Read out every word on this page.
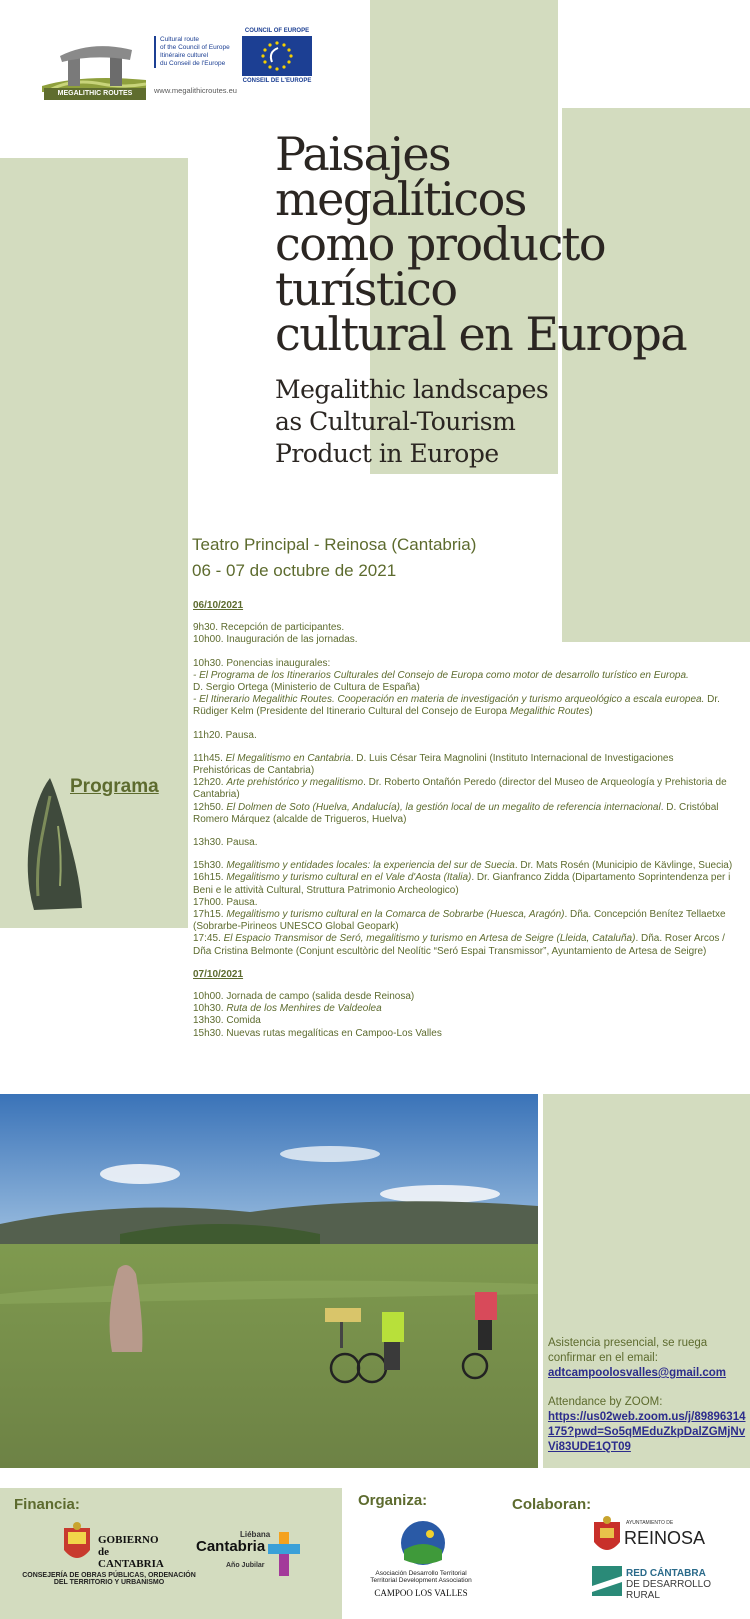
MEGALITHIC ROUTES
Cultural route
of the Council of Europe
Itinéraire culturel
du Conseil de l'Europe
www.megalithicroutes.eu
COUNCIL OF EUROPE
CONSEIL DE L'EUROPE
Paisajes
megalíticos
como producto
turístico
cultural en Europa
Megalithic landscapes
as Cultural-Tourism
Product in Europe
Teatro Principal - Reinosa (Cantabria)
06 - 07 de octubre de 2021
Programa
06/10/2021
9h30. Recepción de participantes.
10h00. Inauguración de las jornadas.
10h30. Ponencias inaugurales:
- El Programa de los Itinerarios Culturales del Consejo de Europa como motor de desarrollo turístico en Europa.
D. Sergio Ortega (Ministerio de Cultura de España)
- El Itinerario Megalithic Routes. Cooperación en materia de investigación y turismo arqueológico a escala europea. Dr. Rüdiger Kelm (Presidente del Itinerario Cultural del Consejo de Europa Megalithic Routes)
11h20. Pausa.
11h45. El Megalitismo en Cantabria. D. Luis César Teira Magnolini (Instituto Internacional de Investigaciones Prehistóricas de Cantabria)
12h20. Arte prehistórico y megalitismo. Dr. Roberto Ontañón Peredo (director del Museo de Arqueología y Prehistoria de Cantabria)
12h50. El Dolmen de Soto (Huelva, Andalucía), la gestión local de un megalito de referencia internacional. D. Cristóbal Romero Márquez (alcalde de Trigueros, Huelva)
13h30. Pausa.
15h30. Megalitismo y entidades locales: la experiencia del sur de Suecia. Dr. Mats Rosén (Municipio de Kävlinge, Suecia)
16h15. Megalitismo y turismo cultural en el Vale d'Aosta (Italia). Dr. Gianfranco Zidda (Dipartamento Soprintendenza per i Beni e le attività Cultural, Struttura Patrimonio Archeologico)
17h00. Pausa.
17h15. Megalitismo y turismo cultural en la Comarca de Sobrarbe (Huesca, Aragón). Dña. Concepción Benítez Tellaetxe (Sobrarbe-Pirineos UNESCO Global Geopark)
17:45. El Espacio Transmisor de Seró, megalitismo y turismo en Artesa de Seigre (Lleida, Cataluña). Dña. Roser Arcos / Dña Cristina Belmonte (Conjunt escultòric del Neolític “Seró Espai Transmissor”, Ayuntamiento de Artesa de Seigre)
07/10/2021
10h00. Jornada de campo (salida desde Reinosa)
10h30. Ruta de los Menhires de Valdeolea
13h30. Comida
15h30. Nuevas rutas megalíticas en Campoo-Los Valles
Asistencia presencial, se ruega confirmar en el email:
adtcampoolosvalles@gmail.com
Attendance by ZOOM:
https://us02web.zoom.us/j/89896314175?pwd=So5qMEduZkpDalZGMjNvVi83UDE1QT09
Financia:	Organiza:	Colaboran:
GOBIERNO
de
CANTABRIA
CONSEJERÍA DE OBRAS PÚBLICAS, ORDENACIÓN
DEL TERRITORIO Y URBANISMO
Liébana
Cantabria
Año Jubilar
Asociación Desarrollo Territorial
Territorial Development Association
CAMPOO LOS VALLES
AYUNTAMIENTO DE
REINOSA
RED CÁNTABRA
DE DESARROLLO
RURAL
